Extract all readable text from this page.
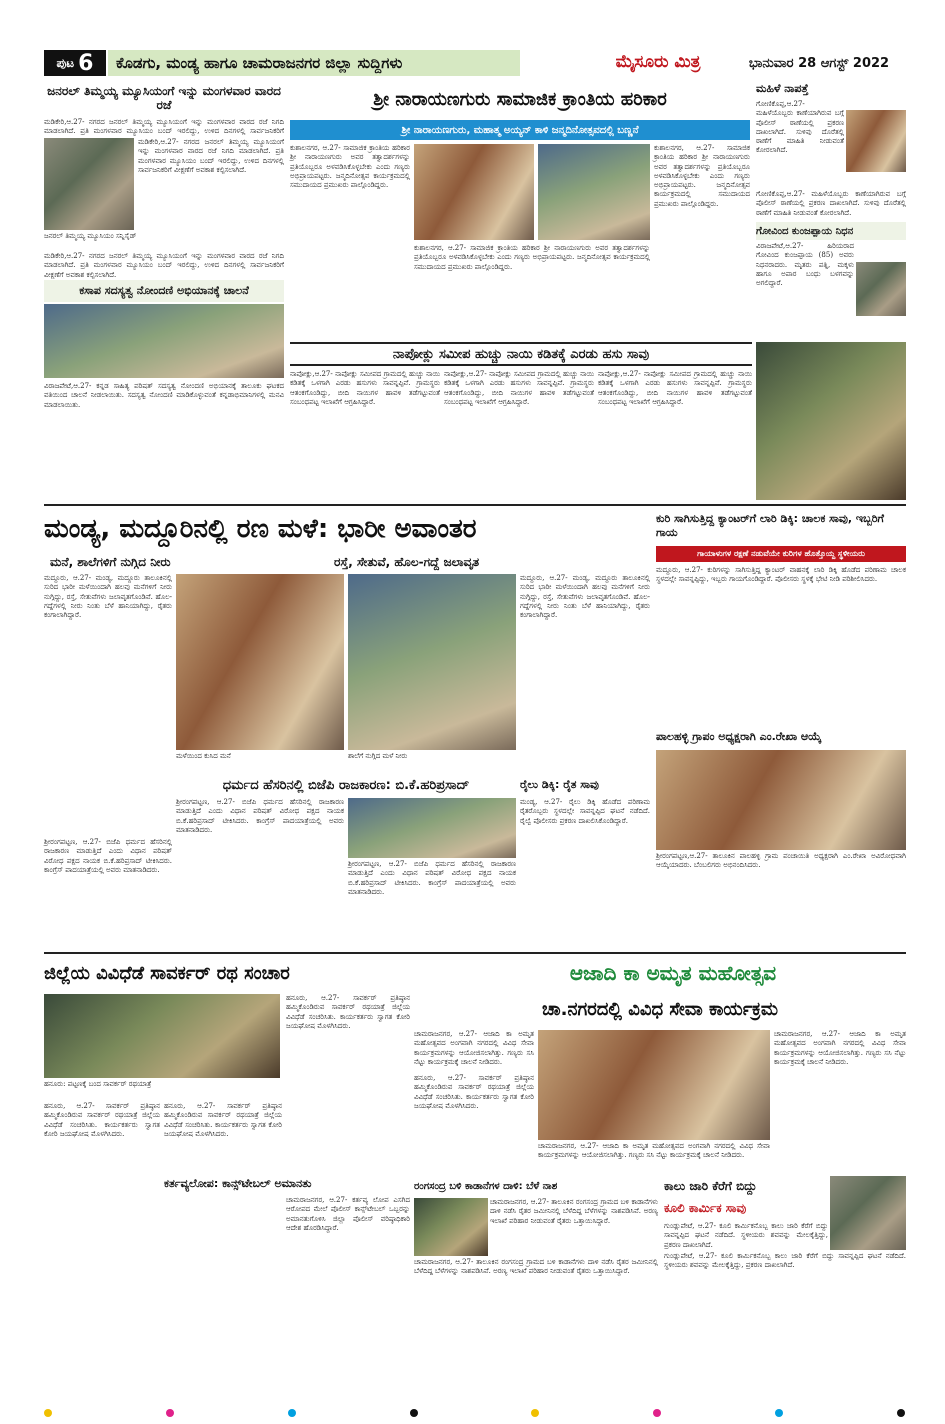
ಪುಟ 6	ಕೊಡಗು, ಮಂಡ್ಯ ಹಾಗೂ ಚಾಮರಾಜನಗರ ಜಿಲ್ಲಾ ಸುದ್ದಿಗಳು	ಮೈಸೂರು ಮಿತ್ರ	ಭಾನುವಾರ 28 ಆಗಸ್ಟ್ 2022
ಜನರಲ್ ತಿಮ್ಮಯ್ಯ ಮ್ಯೂಸಿಯಂಗೆ ಇನ್ನು ಮಂಗಳವಾರ ವಾರದ ರಜೆ
ಮಡಿಕೇರಿ,ಆ.27- ನಗರದ ಜನರಲ್ ತಿಮ್ಮಯ್ಯ ಮ್ಯೂಸಿಯಂಗೆ ಇನ್ನು ಮಂಗಳವಾರ ವಾರದ ರಜೆ ನಿಗದಿ ಮಾಡಲಾಗಿದೆ. ಪ್ರತಿ ಮಂಗಳವಾರ ಮ್ಯೂಸಿಯಂ ಬಂದ್ ಇರಲಿದ್ದು, ಉಳಿದ ದಿನಗಳಲ್ಲಿ ಸಾರ್ವಜನಿಕರಿಗೆ
ಮಡಿಕೇರಿ,ಆ.27- ನಗರದ ಜನರಲ್ ತಿಮ್ಮಯ್ಯ ಮ್ಯೂಸಿಯಂಗೆ ಇನ್ನು ಮಂಗಳವಾರ ವಾರದ ರಜೆ ನಿಗದಿ ಮಾಡಲಾಗಿದೆ. ಪ್ರತಿ ಮಂಗಳವಾರ ಮ್ಯೂಸಿಯಂ ಬಂದ್ ಇರಲಿದ್ದು, ಉಳಿದ ದಿನಗಳಲ್ಲಿ ಸಾರ್ವಜನಿಕರಿಗೆ ವೀಕ್ಷಣೆಗೆ ಅವಕಾಶ ಕಲ್ಪಿಸಲಾಗಿದೆ.
ಜನರಲ್ ತಿಮ್ಮಯ್ಯ ಮ್ಯೂಸಿಯಂ ಸನ್ನಿಸೈಡ್
ಮಡಿಕೇರಿ,ಆ.27- ನಗರದ ಜನರಲ್ ತಿಮ್ಮಯ್ಯ ಮ್ಯೂಸಿಯಂಗೆ ಇನ್ನು ಮಂಗಳವಾರ ವಾರದ ರಜೆ ನಿಗದಿ ಮಾಡಲಾಗಿದೆ. ಪ್ರತಿ ಮಂಗಳವಾರ ಮ್ಯೂಸಿಯಂ ಬಂದ್ ಇರಲಿದ್ದು, ಉಳಿದ ದಿನಗಳಲ್ಲಿ ಸಾರ್ವಜನಿಕರಿಗೆ ವೀಕ್ಷಣೆಗೆ ಅವಕಾಶ ಕಲ್ಪಿಸಲಾಗಿದೆ.
ಕಸಾಪ ಸದಸ್ಯತ್ವ ನೋಂದಣಿ ಅಭಿಯಾನಕ್ಕೆ ಚಾಲನೆ
ವಿರಾಜಪೇಟೆ,ಆ.27- ಕನ್ನಡ ಸಾಹಿತ್ಯ ಪರಿಷತ್ ಸದಸ್ಯತ್ವ ನೋಂದಣಿ ಅಭಿಯಾನಕ್ಕೆ ತಾಲೂಕು ಘಟಕದ ವತಿಯಿಂದ ಚಾಲನೆ ನೀಡಲಾಯಿತು. ಸದಸ್ಯತ್ವ ನೋಂದಣಿ ಮಾಡಿಕೊಳ್ಳುವಂತೆ ಕನ್ನಡಾಭಿಮಾನಿಗಳಲ್ಲಿ ಮನವಿ ಮಾಡಲಾಯಿತು.
ಶ್ರೀ ನಾರಾಯಣಗುರು ಸಾಮಾಜಿಕ ಕ್ರಾಂತಿಯ ಹರಿಕಾರ
ಶ್ರೀ ನಾರಾಯಣಗುರು, ಮಹಾತ್ಮ ಅಯ್ಯನ್ ಕಾಳಿ ಜನ್ಮದಿನೋತ್ಸವದಲ್ಲಿ ಬಣ್ಣನೆ
ಕುಶಾಲನಗರ, ಆ.27- ಸಾಮಾಜಿಕ ಕ್ರಾಂತಿಯ ಹರಿಕಾರ ಶ್ರೀ ನಾರಾಯಣಗುರು ಅವರ ತತ್ವಾದರ್ಶಗಳನ್ನು ಪ್ರತಿಯೊಬ್ಬರೂ ಅಳವಡಿಸಿಕೊಳ್ಳಬೇಕು ಎಂದು ಗಣ್ಯರು ಅಭಿಪ್ರಾಯಪಟ್ಟರು. ಜನ್ಮದಿನೋತ್ಸವ ಕಾರ್ಯಕ್ರಮದಲ್ಲಿ ಸಮುದಾಯದ ಪ್ರಮುಖರು ಪಾಲ್ಗೊಂಡಿದ್ದರು.
ಕುಶಾಲನಗರ, ಆ.27- ಸಾಮಾಜಿಕ ಕ್ರಾಂತಿಯ ಹರಿಕಾರ ಶ್ರೀ ನಾರಾಯಣಗುರು ಅವರ ತತ್ವಾದರ್ಶಗಳನ್ನು ಪ್ರತಿಯೊಬ್ಬರೂ ಅಳವಡಿಸಿಕೊಳ್ಳಬೇಕು ಎಂದು ಗಣ್ಯರು ಅಭಿಪ್ರಾಯಪಟ್ಟರು. ಜನ್ಮದಿನೋತ್ಸವ ಕಾರ್ಯಕ್ರಮದಲ್ಲಿ ಸಮುದಾಯದ ಪ್ರಮುಖರು ಪಾಲ್ಗೊಂಡಿದ್ದರು.
ಕುಶಾಲನಗರ, ಆ.27- ಸಾಮಾಜಿಕ ಕ್ರಾಂತಿಯ ಹರಿಕಾರ ಶ್ರೀ ನಾರಾಯಣಗುರು ಅವರ ತತ್ವಾದರ್ಶಗಳನ್ನು ಪ್ರತಿಯೊಬ್ಬರೂ ಅಳವಡಿಸಿಕೊಳ್ಳಬೇಕು ಎಂದು ಗಣ್ಯರು ಅಭಿಪ್ರಾಯಪಟ್ಟರು. ಜನ್ಮದಿನೋತ್ಸವ ಕಾರ್ಯಕ್ರಮದಲ್ಲಿ ಸಮುದಾಯದ ಪ್ರಮುಖರು ಪಾಲ್ಗೊಂಡಿದ್ದರು.
ಮಹಿಳೆ ನಾಪತ್ತೆ
ಗೋಣಿಕೊಪ್ಪ,ಆ.27- ಮಹಿಳೆಯೊಬ್ಬರು ಕಾಣೆಯಾಗಿರುವ ಬಗ್ಗೆ ಪೊಲೀಸ್ ಠಾಣೆಯಲ್ಲಿ ಪ್ರಕರಣ ದಾಖಲಾಗಿದೆ. ಸುಳಿವು ದೊರೆತಲ್ಲಿ ಠಾಣೆಗೆ ಮಾಹಿತಿ ನೀಡುವಂತೆ ಕೋರಲಾಗಿದೆ.
ಗೋಣಿಕೊಪ್ಪ,ಆ.27- ಮಹಿಳೆಯೊಬ್ಬರು ಕಾಣೆಯಾಗಿರುವ ಬಗ್ಗೆ ಪೊಲೀಸ್ ಠಾಣೆಯಲ್ಲಿ ಪ್ರಕರಣ ದಾಖಲಾಗಿದೆ. ಸುಳಿವು ದೊರೆತಲ್ಲಿ ಠಾಣೆಗೆ ಮಾಹಿತಿ ನೀಡುವಂತೆ ಕೋರಲಾಗಿದೆ.
ಗೋವಿಂದ ಕುಂಜಪ್ಪಾಯ ನಿಧನ
ವಿರಾಜಪೇಟೆ,ಆ.27- ಹಿರಿಯರಾದ ಗೋವಿಂದ ಕುಂಜಪ್ಪಾಯ (85) ಅವರು ನಿಧನರಾದರು. ಮೃತರು ಪತ್ನಿ, ಮಕ್ಕಳು ಹಾಗೂ ಅಪಾರ ಬಂಧು ಬಳಗವನ್ನು ಅಗಲಿದ್ದಾರೆ.
ನಾಪೋಕ್ಲು ಸಮೀಪ ಹುಚ್ಚು ನಾಯಿ ಕಡಿತಕ್ಕೆ ಎರಡು ಹಸು ಸಾವು
ನಾಪೋಕ್ಲು,ಆ.27- ನಾಪೋಕ್ಲು ಸಮೀಪದ ಗ್ರಾಮದಲ್ಲಿ ಹುಚ್ಚು ನಾಯಿ ಕಡಿತಕ್ಕೆ ಒಳಗಾಗಿ ಎರಡು ಹಸುಗಳು ಸಾವನ್ನಪ್ಪಿವೆ. ಗ್ರಾಮಸ್ಥರು ಆತಂಕಗೊಂಡಿದ್ದು, ಬೀದಿ ನಾಯಿಗಳ ಹಾವಳಿ ತಡೆಗಟ್ಟುವಂತೆ ಸಂಬಂಧಪಟ್ಟ ಇಲಾಖೆಗೆ ಆಗ್ರಹಿಸಿದ್ದಾರೆ.
ನಾಪೋಕ್ಲು,ಆ.27- ನಾಪೋಕ್ಲು ಸಮೀಪದ ಗ್ರಾಮದಲ್ಲಿ ಹುಚ್ಚು ನಾಯಿ ಕಡಿತಕ್ಕೆ ಒಳಗಾಗಿ ಎರಡು ಹಸುಗಳು ಸಾವನ್ನಪ್ಪಿವೆ. ಗ್ರಾಮಸ್ಥರು ಆತಂಕಗೊಂಡಿದ್ದು, ಬೀದಿ ನಾಯಿಗಳ ಹಾವಳಿ ತಡೆಗಟ್ಟುವಂತೆ ಸಂಬಂಧಪಟ್ಟ ಇಲಾಖೆಗೆ ಆಗ್ರಹಿಸಿದ್ದಾರೆ.
ನಾಪೋಕ್ಲು,ಆ.27- ನಾಪೋಕ್ಲು ಸಮೀಪದ ಗ್ರಾಮದಲ್ಲಿ ಹುಚ್ಚು ನಾಯಿ ಕಡಿತಕ್ಕೆ ಒಳಗಾಗಿ ಎರಡು ಹಸುಗಳು ಸಾವನ್ನಪ್ಪಿವೆ. ಗ್ರಾಮಸ್ಥರು ಆತಂಕಗೊಂಡಿದ್ದು, ಬೀದಿ ನಾಯಿಗಳ ಹಾವಳಿ ತಡೆಗಟ್ಟುವಂತೆ ಸಂಬಂಧಪಟ್ಟ ಇಲಾಖೆಗೆ ಆಗ್ರಹಿಸಿದ್ದಾರೆ.
ಮಂಡ್ಯ, ಮದ್ದೂರಿನಲ್ಲಿ ರಣ ಮಳೆ: ಭಾರೀ ಅವಾಂತರ
ಮನೆ, ಶಾಲೆಗಳಿಗೆ ನುಗ್ಗಿದ ನೀರು	ರಸ್ತೆ, ಸೇತುವೆ, ಹೊಲ-ಗದ್ದೆ ಜಲಾವೃತ
ಮದ್ದೂರು, ಆ.27- ಮಂಡ್ಯ, ಮದ್ದೂರು ತಾಲೂಕಿನಲ್ಲಿ ಸುರಿದ ಭಾರೀ ಮಳೆಯಿಂದಾಗಿ ಹಲವು ಮನೆಗಳಿಗೆ ನೀರು ನುಗ್ಗಿದ್ದು, ರಸ್ತೆ, ಸೇತುವೆಗಳು ಜಲಾವೃತಗೊಂಡಿವೆ. ಹೊಲ-ಗದ್ದೆಗಳಲ್ಲಿ ನೀರು ನಿಂತು ಬೆಳೆ ಹಾನಿಯಾಗಿದ್ದು, ರೈತರು ಕಂಗಾಲಾಗಿದ್ದಾರೆ.
ಮಳೆಯಿಂದ ಕುಸಿದ ಮನೆ	ಶಾಲೆಗೆ ನುಗ್ಗಿದ ಮಳೆ ನೀರು
ಮದ್ದೂರು, ಆ.27- ಮಂಡ್ಯ, ಮದ್ದೂರು ತಾಲೂಕಿನಲ್ಲಿ ಸುರಿದ ಭಾರೀ ಮಳೆಯಿಂದಾಗಿ ಹಲವು ಮನೆಗಳಿಗೆ ನೀರು ನುಗ್ಗಿದ್ದು, ರಸ್ತೆ, ಸೇತುವೆಗಳು ಜಲಾವೃತಗೊಂಡಿವೆ. ಹೊಲ-ಗದ್ದೆಗಳಲ್ಲಿ ನೀರು ನಿಂತು ಬೆಳೆ ಹಾನಿಯಾಗಿದ್ದು, ರೈತರು ಕಂಗಾಲಾಗಿದ್ದಾರೆ.
ಧರ್ಮದ ಹೆಸರಿನಲ್ಲಿ ಬಿಜೆಪಿ ರಾಜಕಾರಣ: ಬಿ.ಕೆ.ಹರಿಪ್ರಸಾದ್
ಶ್ರೀರಂಗಪಟ್ಟಣ, ಆ.27- ಬಿಜೆಪಿ ಧರ್ಮದ ಹೆಸರಿನಲ್ಲಿ ರಾಜಕಾರಣ ಮಾಡುತ್ತಿದೆ ಎಂದು ವಿಧಾನ ಪರಿಷತ್ ವಿರೋಧ ಪಕ್ಷದ ನಾಯಕ ಬಿ.ಕೆ.ಹರಿಪ್ರಸಾದ್ ಟೀಕಿಸಿದರು. ಕಾಂಗ್ರೆಸ್ ಪಾದಯಾತ್ರೆಯಲ್ಲಿ ಅವರು ಮಾತನಾಡಿದರು.
ಶ್ರೀರಂಗಪಟ್ಟಣ, ಆ.27- ಬಿಜೆಪಿ ಧರ್ಮದ ಹೆಸರಿನಲ್ಲಿ ರಾಜಕಾರಣ ಮಾಡುತ್ತಿದೆ ಎಂದು ವಿಧಾನ ಪರಿಷತ್ ವಿರೋಧ ಪಕ್ಷದ ನಾಯಕ ಬಿ.ಕೆ.ಹರಿಪ್ರಸಾದ್ ಟೀಕಿಸಿದರು. ಕಾಂಗ್ರೆಸ್ ಪಾದಯಾತ್ರೆಯಲ್ಲಿ ಅವರು ಮಾತನಾಡಿದರು.
ಶ್ರೀರಂಗಪಟ್ಟಣ, ಆ.27- ಬಿಜೆಪಿ ಧರ್ಮದ ಹೆಸರಿನಲ್ಲಿ ರಾಜಕಾರಣ ಮಾಡುತ್ತಿದೆ ಎಂದು ವಿಧಾನ ಪರಿಷತ್ ವಿರೋಧ ಪಕ್ಷದ ನಾಯಕ ಬಿ.ಕೆ.ಹರಿಪ್ರಸಾದ್ ಟೀಕಿಸಿದರು. ಕಾಂಗ್ರೆಸ್ ಪಾದಯಾತ್ರೆಯಲ್ಲಿ ಅವರು ಮಾತನಾಡಿದರು.
ರೈಲು ಡಿಕ್ಕಿ: ರೈತ ಸಾವು
ಮಂಡ್ಯ, ಆ.27- ರೈಲು ಡಿಕ್ಕಿ ಹೊಡೆದ ಪರಿಣಾಮ ರೈತರೊಬ್ಬರು ಸ್ಥಳದಲ್ಲೇ ಸಾವನ್ನಪ್ಪಿದ ಘಟನೆ ನಡೆದಿದೆ. ರೈಲ್ವೆ ಪೊಲೀಸರು ಪ್ರಕರಣ ದಾಖಲಿಸಿಕೊಂಡಿದ್ದಾರೆ.
ಕುರಿ ಸಾಗಿಸುತ್ತಿದ್ದ ಕ್ಯಾಂಟರ್‌ಗೆ ಲಾರಿ ಡಿಕ್ಕಿ: ಚಾಲಕ ಸಾವು, ಇಬ್ಬರಿಗೆ ಗಾಯ
ಗಾಯಾಳುಗಳ ರಕ್ಷಣೆ ನಡುವೆಯೇ ಕುರಿಗಳ ಹೊತ್ತೊಯ್ದ ಸ್ಥಳೀಯರು
ಮದ್ದೂರು, ಆ.27- ಕುರಿಗಳನ್ನು ಸಾಗಿಸುತ್ತಿದ್ದ ಕ್ಯಾಂಟರ್ ವಾಹನಕ್ಕೆ ಲಾರಿ ಡಿಕ್ಕಿ ಹೊಡೆದ ಪರಿಣಾಮ ಚಾಲಕ ಸ್ಥಳದಲ್ಲೇ ಸಾವನ್ನಪ್ಪಿದ್ದು, ಇಬ್ಬರು ಗಾಯಗೊಂಡಿದ್ದಾರೆ. ಪೊಲೀಸರು ಸ್ಥಳಕ್ಕೆ ಭೇಟಿ ನೀಡಿ ಪರಿಶೀಲಿಸಿದರು.
ಪಾಲಹಳ್ಳಿ ಗ್ರಾಪಂ ಅಧ್ಯಕ್ಷರಾಗಿ ಎಂ.ರೇಖಾ ಆಯ್ಕೆ
ಶ್ರೀರಂಗಪಟ್ಟಣ,ಆ.27- ತಾಲೂಕಿನ ಪಾಲಹಳ್ಳಿ ಗ್ರಾಮ ಪಂಚಾಯಿತಿ ಅಧ್ಯಕ್ಷರಾಗಿ ಎಂ.ರೇಖಾ ಅವಿರೋಧವಾಗಿ ಆಯ್ಕೆಯಾದರು. ಬೆಂಬಲಿಗರು ಅಭಿನಂದಿಸಿದರು.
ಜಿಲ್ಲೆಯ ವಿವಿಧೆಡೆ ಸಾವರ್ಕರ್ ರಥ ಸಂಚಾರ
ಹನೂರು: ಪಟ್ಟಣಕ್ಕೆ ಬಂದ ಸಾವರ್ಕರ್ ರಥಯಾತ್ರೆ
ಹನೂರು, ಆ.27- ಸಾವರ್ಕರ್ ಪ್ರತಿಷ್ಠಾನ ಹಮ್ಮಿಕೊಂಡಿರುವ ಸಾವರ್ಕರ್ ರಥಯಾತ್ರೆ ಜಿಲ್ಲೆಯ ವಿವಿಧೆಡೆ ಸಂಚರಿಸಿತು. ಕಾರ್ಯಕರ್ತರು ಸ್ವಾಗತ ಕೋರಿ ಜಯಘೋಷ ಮೊಳಗಿಸಿದರು.
ಹನೂರು, ಆ.27- ಸಾವರ್ಕರ್ ಪ್ರತಿಷ್ಠಾನ ಹಮ್ಮಿಕೊಂಡಿರುವ ಸಾವರ್ಕರ್ ರಥಯಾತ್ರೆ ಜಿಲ್ಲೆಯ ವಿವಿಧೆಡೆ ಸಂಚರಿಸಿತು. ಕಾರ್ಯಕರ್ತರು ಸ್ವಾಗತ ಕೋರಿ ಜಯಘೋಷ ಮೊಳಗಿಸಿದರು.
ಹನೂರು, ಆ.27- ಸಾವರ್ಕರ್ ಪ್ರತಿಷ್ಠಾನ ಹಮ್ಮಿಕೊಂಡಿರುವ ಸಾವರ್ಕರ್ ರಥಯಾತ್ರೆ ಜಿಲ್ಲೆಯ ವಿವಿಧೆಡೆ ಸಂಚರಿಸಿತು. ಕಾರ್ಯಕರ್ತರು ಸ್ವಾಗತ ಕೋರಿ ಜಯಘೋಷ ಮೊಳಗಿಸಿದರು.
ಹನೂರು, ಆ.27- ಸಾವರ್ಕರ್ ಪ್ರತಿಷ್ಠಾನ ಹಮ್ಮಿಕೊಂಡಿರುವ ಸಾವರ್ಕರ್ ರಥಯಾತ್ರೆ ಜಿಲ್ಲೆಯ ವಿವಿಧೆಡೆ ಸಂಚರಿಸಿತು. ಕಾರ್ಯಕರ್ತರು ಸ್ವಾಗತ ಕೋರಿ ಜಯಘೋಷ ಮೊಳಗಿಸಿದರು.
ಆಜಾದಿ ಕಾ ಅಮೃತ ಮಹೋತ್ಸವ
ಚಾ.ನಗರದಲ್ಲಿ ವಿವಿಧ ಸೇವಾ ಕಾರ್ಯಕ್ರಮ
ಚಾಮರಾಜನಗರ, ಆ.27- ಆಜಾದಿ ಕಾ ಅಮೃತ ಮಹೋತ್ಸವದ ಅಂಗವಾಗಿ ನಗರದಲ್ಲಿ ವಿವಿಧ ಸೇವಾ ಕಾರ್ಯಕ್ರಮಗಳನ್ನು ಆಯೋಜಿಸಲಾಗಿತ್ತು. ಗಣ್ಯರು ಸಸಿ ನೆಟ್ಟು ಕಾರ್ಯಕ್ರಮಕ್ಕೆ ಚಾಲನೆ ನೀಡಿದರು.
ಚಾಮರಾಜನಗರ, ಆ.27- ಆಜಾದಿ ಕಾ ಅಮೃತ ಮಹೋತ್ಸವದ ಅಂಗವಾಗಿ ನಗರದಲ್ಲಿ ವಿವಿಧ ಸೇವಾ ಕಾರ್ಯಕ್ರಮಗಳನ್ನು ಆಯೋಜಿಸಲಾಗಿತ್ತು. ಗಣ್ಯರು ಸಸಿ ನೆಟ್ಟು ಕಾರ್ಯಕ್ರಮಕ್ಕೆ ಚಾಲನೆ ನೀಡಿದರು.
ಚಾಮರಾಜನಗರ, ಆ.27- ಆಜಾದಿ ಕಾ ಅಮೃತ ಮಹೋತ್ಸವದ ಅಂಗವಾಗಿ ನಗರದಲ್ಲಿ ವಿವಿಧ ಸೇವಾ ಕಾರ್ಯಕ್ರಮಗಳನ್ನು ಆಯೋಜಿಸಲಾಗಿತ್ತು. ಗಣ್ಯರು ಸಸಿ ನೆಟ್ಟು ಕಾರ್ಯಕ್ರಮಕ್ಕೆ ಚಾಲನೆ ನೀಡಿದರು.
ಕರ್ತವ್ಯಲೋಪ: ಕಾನ್ಸ್‌ಟೇಬಲ್ ಅಮಾನತು
ಚಾಮರಾಜನಗರ, ಆ.27- ಕರ್ತವ್ಯ ಲೋಪ ಎಸಗಿದ ಆರೋಪದ ಮೇಲೆ ಪೊಲೀಸ್ ಕಾನ್ಸ್‌ಟೇಬಲ್ ಒಬ್ಬರನ್ನು ಅಮಾನತುಗೊಳಿಸಿ ಜಿಲ್ಲಾ ಪೊಲೀಸ್ ವರಿಷ್ಠಾಧಿಕಾರಿ ಆದೇಶ ಹೊರಡಿಸಿದ್ದಾರೆ.
ರಂಗಸಂದ್ರ ಬಳಿ ಕಾಡಾನೆಗಳ ದಾಳಿ: ಬೆಳೆ ನಾಶ
ಚಾಮರಾಜನಗರ, ಆ.27- ತಾಲೂಕಿನ ರಂಗಸಂದ್ರ ಗ್ರಾಮದ ಬಳಿ ಕಾಡಾನೆಗಳು ದಾಳಿ ನಡೆಸಿ ರೈತರ ಜಮೀನಿನಲ್ಲಿ ಬೆಳೆದಿದ್ದ ಬೆಳೆಗಳನ್ನು ನಾಶಪಡಿಸಿವೆ. ಅರಣ್ಯ ಇಲಾಖೆ ಪರಿಹಾರ ನೀಡುವಂತೆ ರೈತರು ಒತ್ತಾಯಿಸಿದ್ದಾರೆ.
ಚಾಮರಾಜನಗರ, ಆ.27- ತಾಲೂಕಿನ ರಂಗಸಂದ್ರ ಗ್ರಾಮದ ಬಳಿ ಕಾಡಾನೆಗಳು ದಾಳಿ ನಡೆಸಿ ರೈತರ ಜಮೀನಿನಲ್ಲಿ ಬೆಳೆದಿದ್ದ ಬೆಳೆಗಳನ್ನು ನಾಶಪಡಿಸಿವೆ. ಅರಣ್ಯ ಇಲಾಖೆ ಪರಿಹಾರ ನೀಡುವಂತೆ ರೈತರು ಒತ್ತಾಯಿಸಿದ್ದಾರೆ.
ಕಾಲು ಜಾರಿ ಕೆರೆಗೆ ಬಿದ್ದು
ಕೂಲಿ ಕಾರ್ಮಿಕ ಸಾವು
ಗುಂಡ್ಲುಪೇಟೆ, ಆ.27- ಕೂಲಿ ಕಾರ್ಮಿಕನೊಬ್ಬ ಕಾಲು ಜಾರಿ ಕೆರೆಗೆ ಬಿದ್ದು ಸಾವನ್ನಪ್ಪಿದ ಘಟನೆ ನಡೆದಿದೆ. ಸ್ಥಳೀಯರು ಶವವನ್ನು ಮೇಲಕ್ಕೆತ್ತಿದ್ದು, ಪ್ರಕರಣ ದಾಖಲಾಗಿದೆ.
ಗುಂಡ್ಲುಪೇಟೆ, ಆ.27- ಕೂಲಿ ಕಾರ್ಮಿಕನೊಬ್ಬ ಕಾಲು ಜಾರಿ ಕೆರೆಗೆ ಬಿದ್ದು ಸಾವನ್ನಪ್ಪಿದ ಘಟನೆ ನಡೆದಿದೆ. ಸ್ಥಳೀಯರು ಶವವನ್ನು ಮೇಲಕ್ಕೆತ್ತಿದ್ದು, ಪ್ರಕರಣ ದಾಖಲಾಗಿದೆ.
